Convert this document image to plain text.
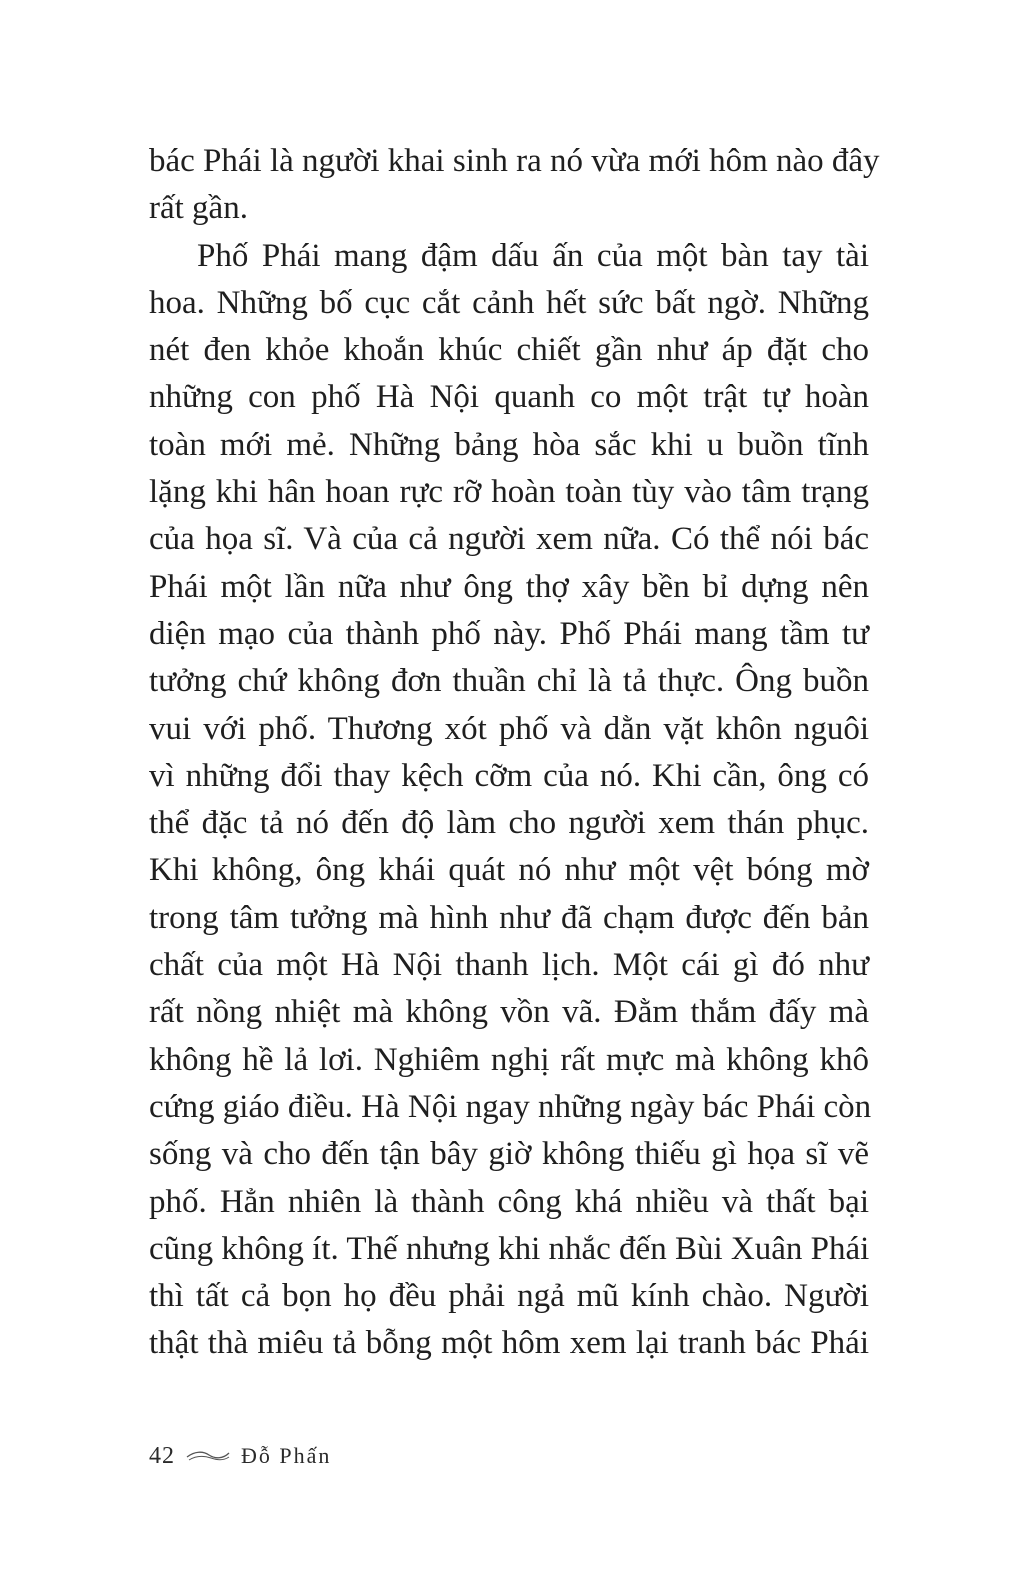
bác Phái là người khai sinh ra nó vừa mới hôm nào đây
rất gần.
Phố Phái mang đậm dấu ấn của một bàn tay tài
hoa. Những bố cục cắt cảnh hết sức bất ngờ. Những
nét đen khỏe khoắn khúc chiết gần như áp đặt cho
những con phố Hà Nội quanh co một trật tự hoàn
toàn mới mẻ. Những bảng hòa sắc khi u buồn tĩnh
lặng khi hân hoan rực rỡ hoàn toàn tùy vào tâm trạng
của họa sĩ. Và của cả người xem nữa. Có thể nói bác
Phái một lần nữa như ông thợ xây bền bỉ dựng nên
diện mạo của thành phố này. Phố Phái mang tầm tư
tưởng chứ không đơn thuần chỉ là tả thực. Ông buồn
vui với phố. Thương xót phố và dằn vặt khôn nguôi
vì những đổi thay kệch cỡm của nó. Khi cần, ông có
thể đặc tả nó đến độ làm cho người xem thán phục.
Khi không, ông khái quát nó như một vệt bóng mờ
trong tâm tưởng mà hình như đã chạm được đến bản
chất của một Hà Nội thanh lịch. Một cái gì đó như
rất nồng nhiệt mà không vồn vã. Đằm thắm đấy mà
không hề lả lơi. Nghiêm nghị rất mực mà không khô
cứng giáo điều. Hà Nội ngay những ngày bác Phái còn
sống và cho đến tận bây giờ không thiếu gì họa sĩ vẽ
phố. Hẳn nhiên là thành công khá nhiều và thất bại
cũng không ít. Thế nhưng khi nhắc đến Bùi Xuân Phái
thì tất cả bọn họ đều phải ngả mũ kính chào. Người
thật thà miêu tả bỗng một hôm xem lại tranh bác Phái
42	Đỗ Phấn
